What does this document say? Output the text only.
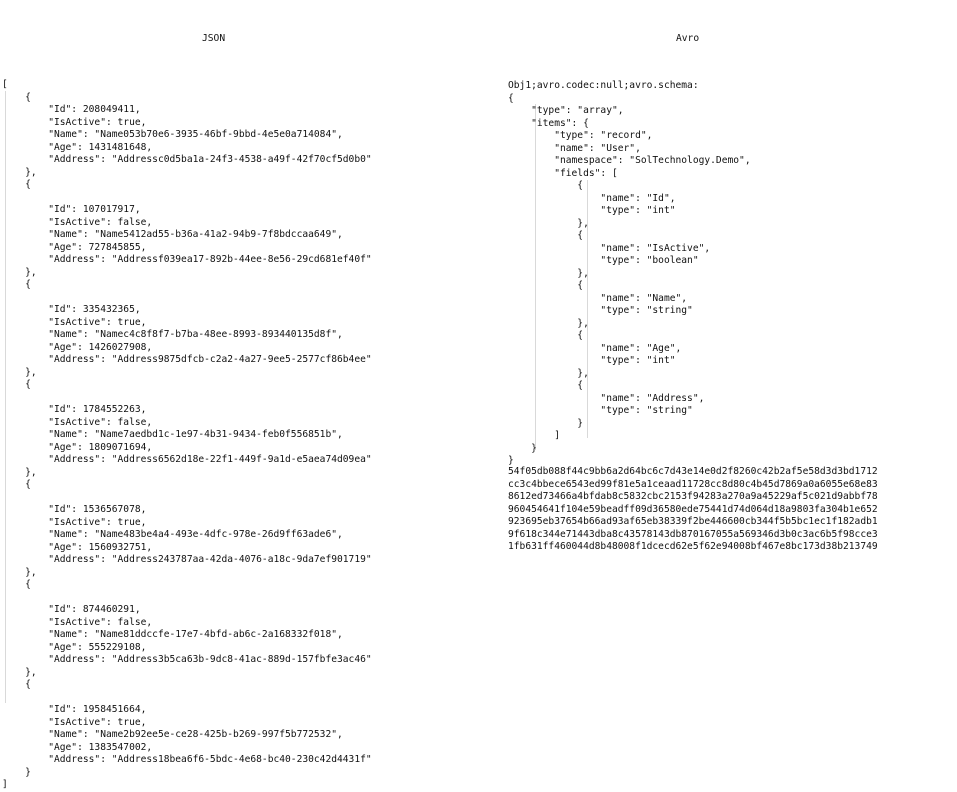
JSON	Avro
[
{
"Id": 208049411,
"IsActive": true,
"Name": "Name053b70e6-3935-46bf-9bbd-4e5e0a714084",
"Age": 1431481648,
"Address": "Addressc0d5ba1a-24f3-4538-a49f-42f70cf5d0b0"
},
{

"Id": 107017917,
"IsActive": false,
"Name": "Name5412ad55-b36a-41a2-94b9-7f8bdccaa649",
"Age": 727845855,
"Address": "Addressf039ea17-892b-44ee-8e56-29cd681ef40f"
},
{

"Id": 335432365,
"IsActive": true,
"Name": "Namec4c8f8f7-b7ba-48ee-8993-893440135d8f",
"Age": 1426027908,
"Address": "Address9875dfcb-c2a2-4a27-9ee5-2577cf86b4ee"
},
{

"Id": 1784552263,
"IsActive": false,
"Name": "Name7aedbd1c-1e97-4b31-9434-feb0f556851b",
"Age": 1809071694,
"Address": "Address6562d18e-22f1-449f-9a1d-e5aea74d09ea"
},
{

"Id": 1536567078,
"IsActive": true,
"Name": "Name483be4a4-493e-4dfc-978e-26d9ff63ade6",
"Age": 1560932751,
"Address": "Address243787aa-42da-4076-a18c-9da7ef901719"
},
{

"Id": 874460291,
"IsActive": false,
"Name": "Name81ddccfe-17e7-4bfd-ab6c-2a168332f018",
"Age": 555229108,
"Address": "Address3b5ca63b-9dc8-41ac-889d-157fbfe3ac46"
},
{

"Id": 1958451664,
"IsActive": true,
"Name": "Name2b92ee5e-ce28-425b-b269-997f5b772532",
"Age": 1383547002,
"Address": "Address18bea6f6-5bdc-4e68-bc40-230c42d4431f"
}
]
Obj1;avro.codec:null;avro.schema:
{
"type": "array",
"items": {
"type": "record",
"name": "User",
"namespace": "SolTechnology.Demo",
"fields": [
{
"name": "Id",
"type": "int"
},
{
"name": "IsActive",
"type": "boolean"
},
{
"name": "Name",
"type": "string"
},
{
"name": "Age",
"type": "int"
},
{
"name": "Address",
"type": "string"
}
]
}
}
54f05db088f44c9bb6a2d64bc6c7d43e14e0d2f8260c42b2af5e58d3d3bd1712
cc3c4bbece6543ed99f81e5a1ceaad11728cc8d80c4b45d7869a0a6055e68e83
8612ed73466a4bfdab8c5832cbc2153f94283a270a9a45229af5c021d9abbf78
960454641f104e59beadff09d36580ede75441d74d064d18a9803fa304b1e652
923695eb37654b66ad93af65eb38339f2be446600cb344f5b5bc1ec1f182adb1
9f618c344e71443dba8c43578143db870167055a569346d3b0c3ac6b5f98cce3
1fb631ff460044d8b48008f1dcecd62e5f62e94008bf467e8bc173d38b213749
